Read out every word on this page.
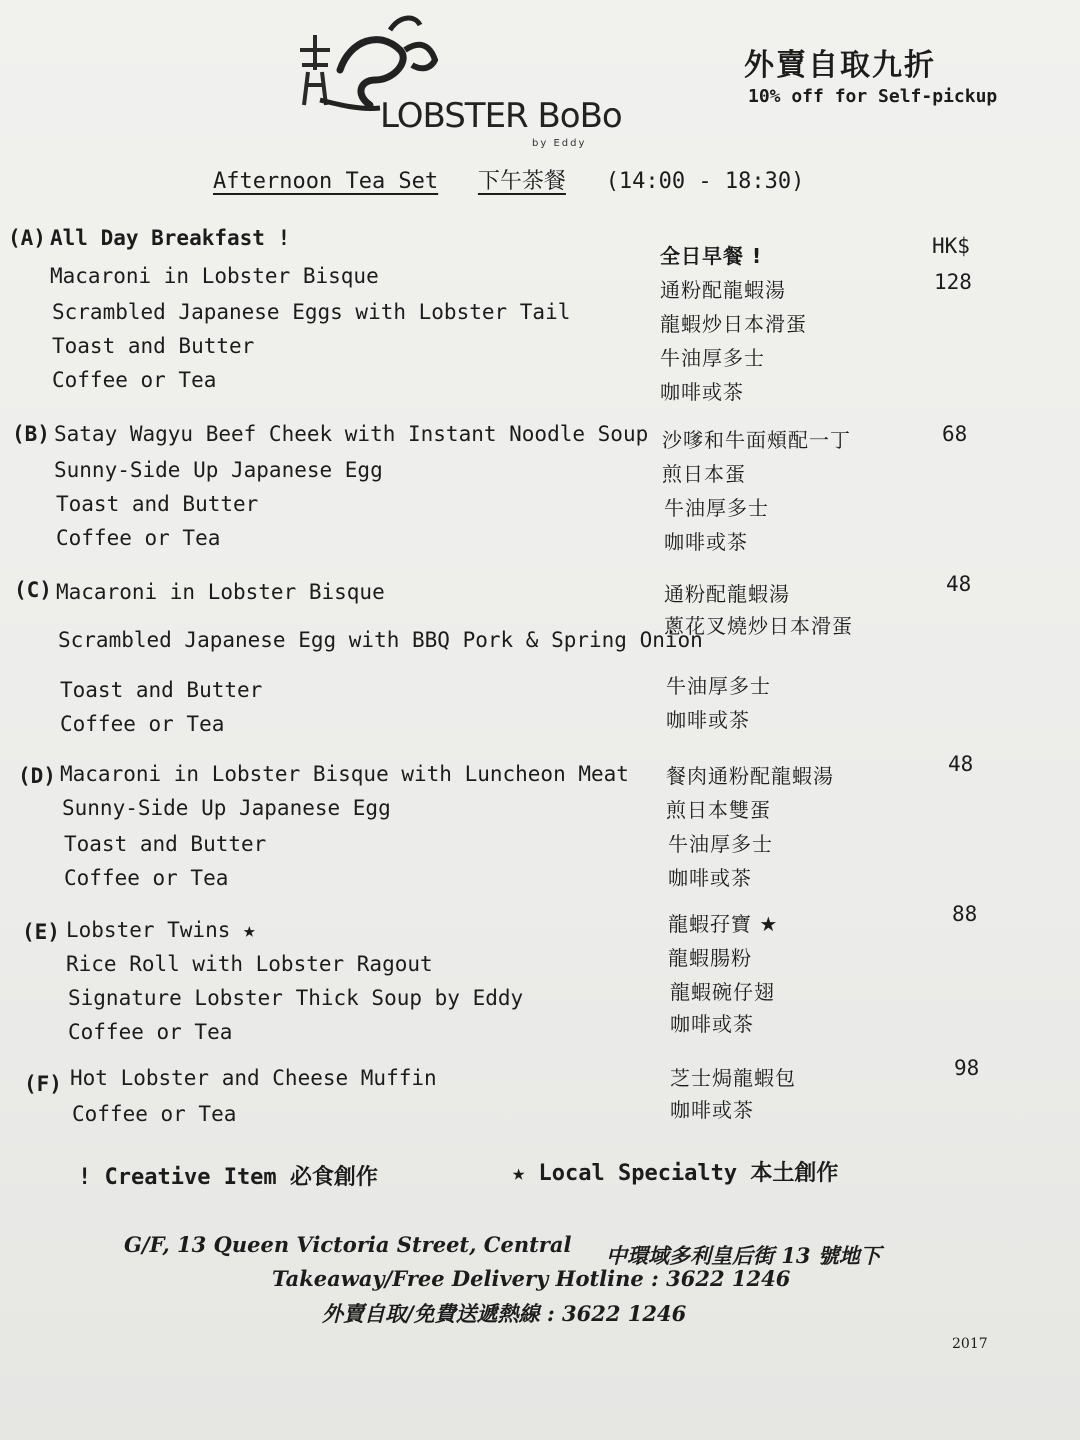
LOBSTER BoBo
by Eddy
外賣自取九折
10% off for Self-pickup
Afternoon Tea Set 下午茶餐 (14:00 - 18:30)
HK$
(A) All Day Breakfast !
Macaroni in Lobster Bisque
Scrambled Japanese Eggs with Lobster Tail
Toast and Butter
Coffee or Tea
全日早餐 !
通粉配龍蝦湯
龍蝦炒日本滑蛋
牛油厚多士
咖啡或茶
128
(B) Satay Wagyu Beef Cheek with Instant Noodle Soup
Sunny-Side Up Japanese Egg
Toast and Butter
Coffee or Tea
沙嗲和牛面頰配一丁
煎日本蛋
牛油厚多士
咖啡或茶
68
(C) Macaroni in Lobster Bisque
Scrambled Japanese Egg with BBQ Pork & Spring Onion
Toast and Butter
Coffee or Tea
通粉配龍蝦湯
蔥花叉燒炒日本滑蛋
牛油厚多士
咖啡或茶
48
(D) Macaroni in Lobster Bisque with Luncheon Meat
Sunny-Side Up Japanese Egg
Toast and Butter
Coffee or Tea
餐肉通粉配龍蝦湯
煎日本雙蛋
牛油厚多士
咖啡或茶
48
(E) Lobster Twins ★
Rice Roll with Lobster Ragout
Signature Lobster Thick Soup by Eddy
Coffee or Tea
龍蝦孖寶 ★
龍蝦腸粉
龍蝦碗仔翅
咖啡或茶
88
(F) Hot Lobster and Cheese Muffin
Coffee or Tea
芝士焗龍蝦包
咖啡或茶
98
! Creative Item 必食創作	★ Local Specialty 本土創作
G/F, 13 Queen Victoria Street, Central 中環域多利皇后街 13 號地下
Takeaway/Free Delivery Hotline : 3622 1246
外賣自取/免費送遞熱線 : 3622 1246
2017
